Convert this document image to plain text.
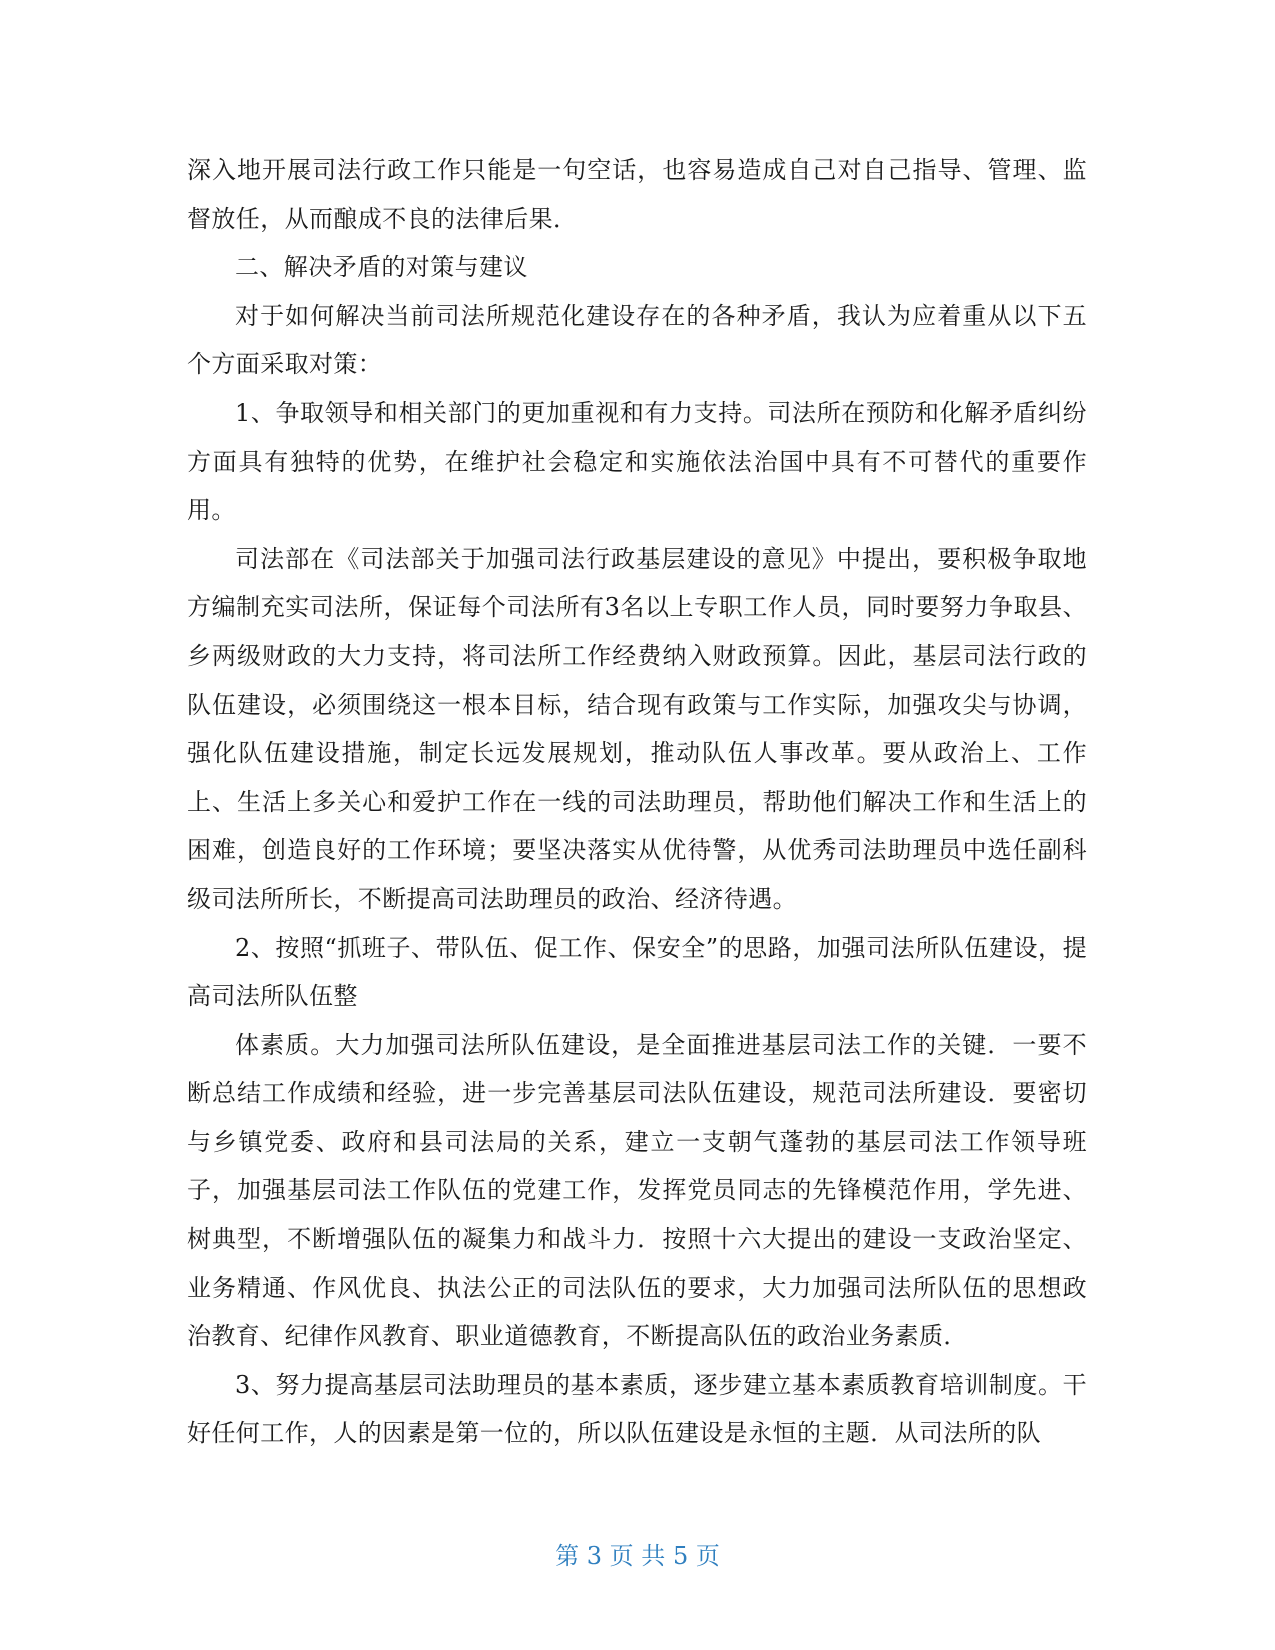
深入地开展司法行政工作只能是一句空话，也容易造成自己对自己指导、管理、监督放任，从而酿成不良的法律后果．

二、解决矛盾的对策与建议

对于如何解决当前司法所规范化建设存在的各种矛盾，我认为应着重从以下五个方面采取对策：

1、争取领导和相关部门的更加重视和有力支持。司法所在预防和化解矛盾纠纷方面具有独特的优势，在维护社会稳定和实施依法治国中具有不可替代的重要作用。

司法部在《司法部关于加强司法行政基层建设的意见》中提出，要积极争取地方编制充实司法所，保证每个司法所有3名以上专职工作人员，同时要努力争取县、乡两级财政的大力支持，将司法所工作经费纳入财政预算。因此，基层司法行政的队伍建设，必须围绕这一根本目标，结合现有政策与工作实际，加强攻尖与协调，强化队伍建设措施，制定长远发展规划，推动队伍人事改革。要从政治上、工作上、生活上多关心和爱护工作在一线的司法助理员，帮助他们解决工作和生活上的困难，创造良好的工作环境；要坚决落实从优待警，从优秀司法助理员中选任副科级司法所所长，不断提高司法助理员的政治、经济待遇。

2、按照“抓班子、带队伍、促工作、保安全”的思路，加强司法所队伍建设，提高司法所队伍整

体素质。大力加强司法所队伍建设，是全面推进基层司法工作的关键．一要不断总结工作成绩和经验，进一步完善基层司法队伍建设，规范司法所建设．要密切与乡镇党委、政府和县司法局的关系，建立一支朝气蓬勃的基层司法工作领导班子，加强基层司法工作队伍的党建工作，发挥党员同志的先锋模范作用，学先进、树典型，不断增强队伍的凝集力和战斗力．按照十六大提出的建设一支政治坚定、业务精通、作风优良、执法公正的司法队伍的要求，大力加强司法所队伍的思想政治教育、纪律作风教育、职业道德教育，不断提高队伍的政治业务素质．

3、努力提高基层司法助理员的基本素质，逐步建立基本素质教育培训制度。干好任何工作，人的因素是第一位的，所以队伍建设是永恒的主题．从司法所的队

第 3 页 共 5 页
